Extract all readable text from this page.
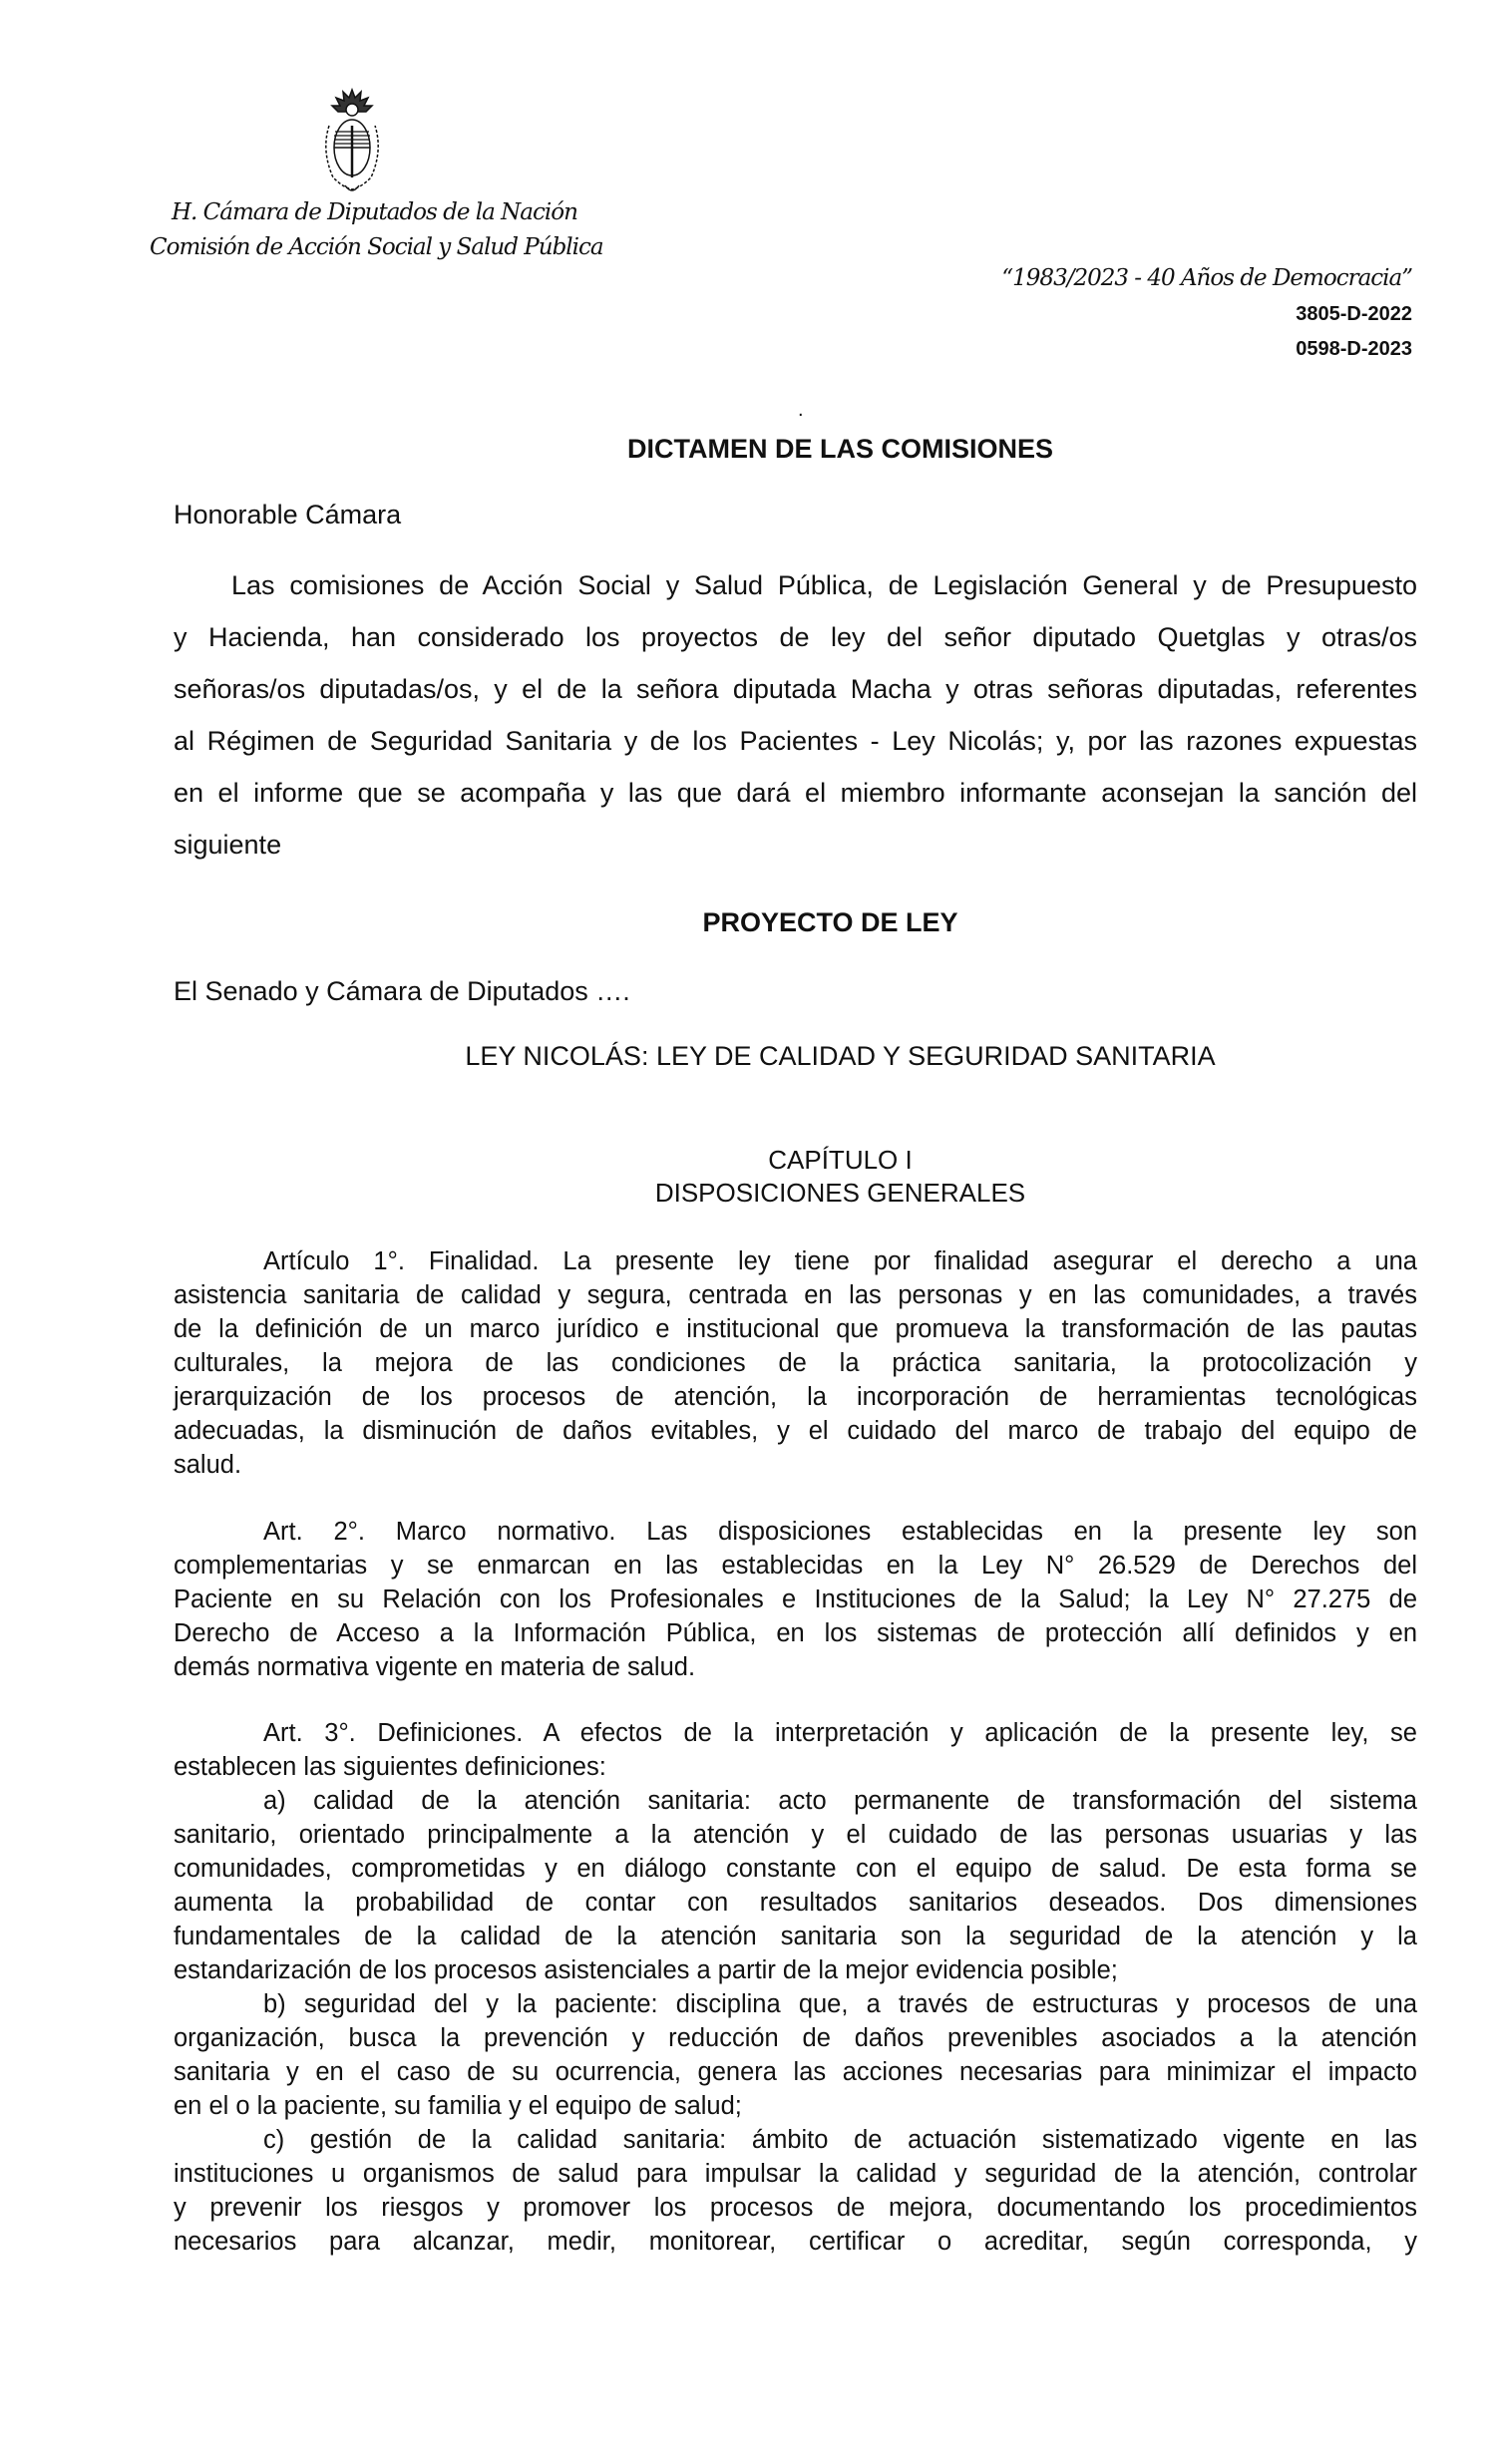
H. Cámara de Diputados de la Nación
Comisión de Acción Social y Salud Pública
“1983/2023 - 40 Años de Democracia”
3805-D-2022
0598-D-2023
.
DICTAMEN DE LAS COMISIONES
Honorable Cámara
Las comisiones de Acción Social y Salud Pública, de Legislación General y de Presupuesto
y Hacienda, han considerado los proyectos de ley del señor diputado Quetglas y otras/os
señoras/os diputadas/os, y el de la señora diputada Macha y otras señoras diputadas, referentes
al Régimen de Seguridad Sanitaria y de los Pacientes - Ley Nicolás; y, por las razones expuestas
en el informe que se acompaña y las que dará el miembro informante aconsejan la sanción del
siguiente
PROYECTO DE LEY
El Senado y Cámara de Diputados ….
LEY NICOLÁS: LEY DE CALIDAD Y SEGURIDAD SANITARIA
CAPÍTULO I
DISPOSICIONES GENERALES
Artículo 1°. Finalidad. La presente ley tiene por finalidad asegurar el derecho a una
asistencia sanitaria de calidad y segura, centrada en las personas y en las comunidades, a través
de la definición de un marco jurídico e institucional que promueva la transformación de las pautas
culturales, la mejora de las condiciones de la práctica sanitaria, la protocolización y
jerarquización de los procesos de atención, la incorporación de herramientas tecnológicas
adecuadas, la disminución de daños evitables, y el cuidado del marco de trabajo del equipo de
salud.
Art. 2°. Marco normativo. Las disposiciones establecidas en la presente ley son
complementarias y se enmarcan en las establecidas en la Ley N° 26.529 de Derechos del
Paciente en su Relación con los Profesionales e Instituciones de la Salud; la Ley N° 27.275 de
Derecho de Acceso a la Información Pública, en los sistemas de protección allí definidos y en
demás normativa vigente en materia de salud.
Art. 3°. Definiciones. A efectos de la interpretación y aplicación de la presente ley, se
establecen las siguientes definiciones:
a) calidad de la atención sanitaria: acto permanente de transformación del sistema
sanitario, orientado principalmente a la atención y el cuidado de las personas usuarias y las
comunidades, comprometidas y en diálogo constante con el equipo de salud. De esta forma se
aumenta la probabilidad de contar con resultados sanitarios deseados. Dos dimensiones
fundamentales de la calidad de la atención sanitaria son la seguridad de la atención y la
estandarización de los procesos asistenciales a partir de la mejor evidencia posible;
b) seguridad del y la paciente: disciplina que, a través de estructuras y procesos de una
organización, busca la prevención y reducción de daños prevenibles asociados a la atención
sanitaria y en el caso de su ocurrencia, genera las acciones necesarias para minimizar el impacto
en el o la paciente, su familia y el equipo de salud;
c) gestión de la calidad sanitaria: ámbito de actuación sistematizado vigente en las
instituciones u organismos de salud para impulsar la calidad y seguridad de la atención, controlar
y prevenir los riesgos y promover los procesos de mejora, documentando los procedimientos
necesarios para alcanzar, medir, monitorear, certificar o acreditar, según corresponda, y
